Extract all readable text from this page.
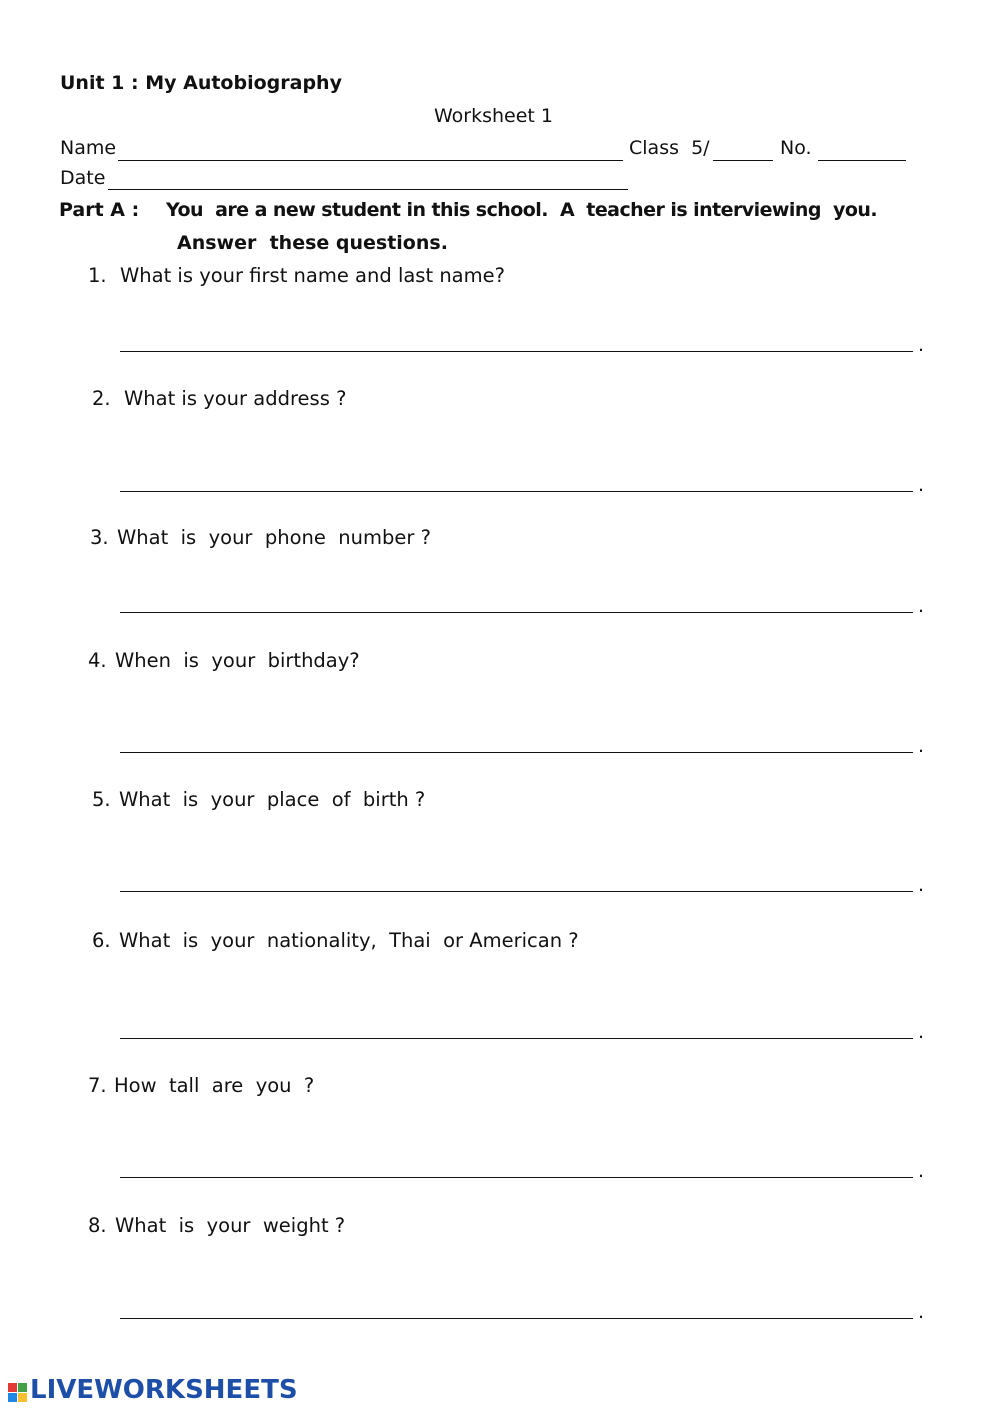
Unit 1 : My Autobiography
Worksheet 1
Name	Class  5/	No.
Date
Part A : You  are a new student in this school.  A  teacher is interviewing  you.
Answer  these questions.
1. What is your first name and last name?
.
2. What is your address ?
.
3. What  is  your  phone  number ?
.
4. When  is  your  birthday?
.
5. What  is  your  place  of  birth ?
.
6. What  is  your  nationality,  Thai  or American ?
.
7. How  tall  are  you  ?
.
8. What  is  your  weight ?
.
LIVEWORKSHEETS
